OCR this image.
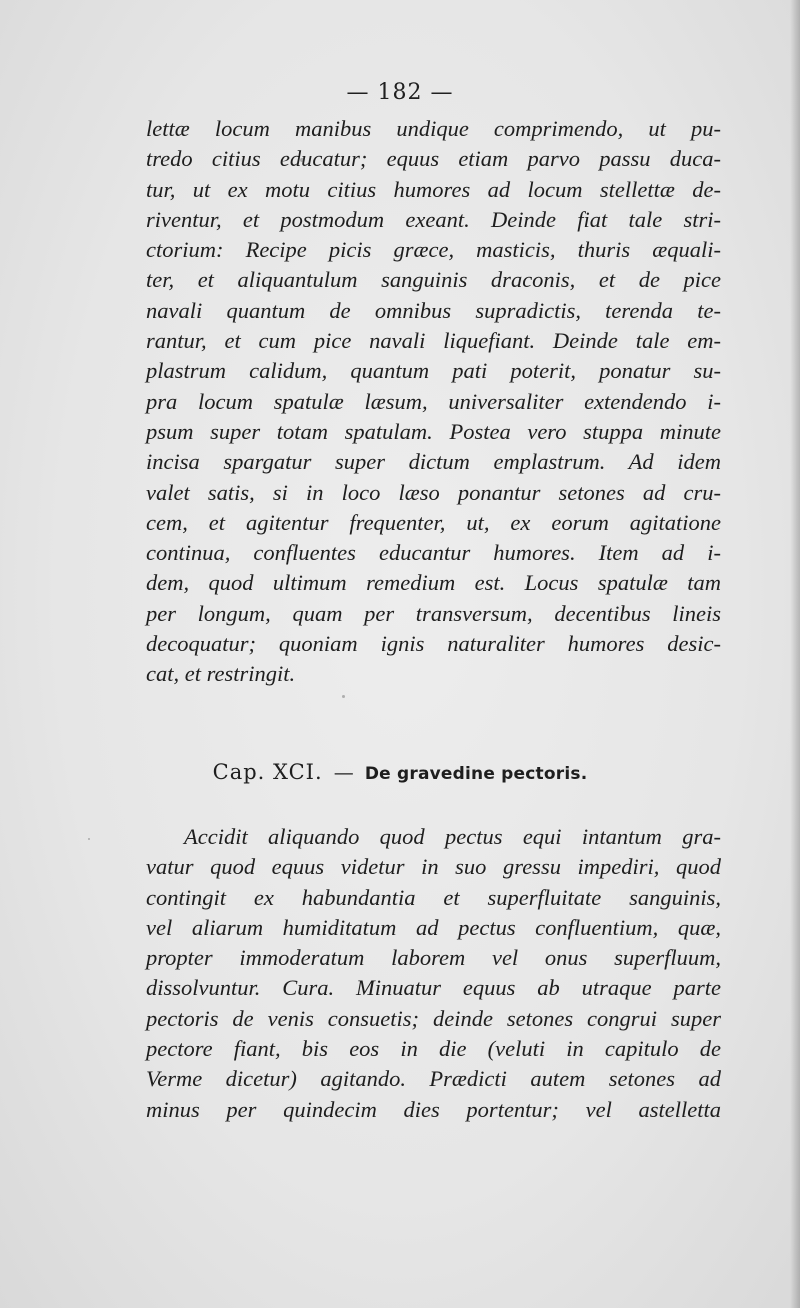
— 182 —
lettæ locum manibus undique comprimendo, ut pu-
tredo citius educatur; equus etiam parvo passu duca-
tur, ut ex motu citius humores ad locum stellettæ de-
riventur, et postmodum exeant. Deinde fiat tale stri-
ctorium: Recipe picis græce, masticis, thuris æquali-
ter, et aliquantulum sanguinis draconis, et de pice
navali quantum de omnibus supradictis, terenda te-
rantur, et cum pice navali liquefiant. Deinde tale em-
plastrum calidum, quantum pati poterit, ponatur su-
pra locum spatulæ læsum, universaliter extendendo i-
psum super totam spatulam. Postea vero stuppa minute
incisa spargatur super dictum emplastrum. Ad idem
valet satis, si in loco læso ponantur setones ad cru-
cem, et agitentur frequenter, ut, ex eorum agitatione
continua, confluentes educantur humores. Item ad i-
dem, quod ultimum remedium est. Locus spatulæ tam
per longum, quam per transversum, decentibus lineis
decoquatur; quoniam ignis naturaliter humores desic-
cat, et restringit.
Cap. XCI. — De gravedine pectoris.
Accidit aliquando quod pectus equi intantum gra-
vatur quod equus videtur in suo gressu impediri, quod
contingit ex habundantia et superfluitate sanguinis,
vel aliarum humiditatum ad pectus confluentium, quæ,
propter immoderatum laborem vel onus superfluum,
dissolvuntur. Cura. Minuatur equus ab utraque parte
pectoris de venis consuetis; deinde setones congrui super
pectore fiant, bis eos in die (veluti in capitulo de
Verme dicetur) agitando. Prædicti autem setones ad
minus per quindecim dies portentur; vel astelletta
